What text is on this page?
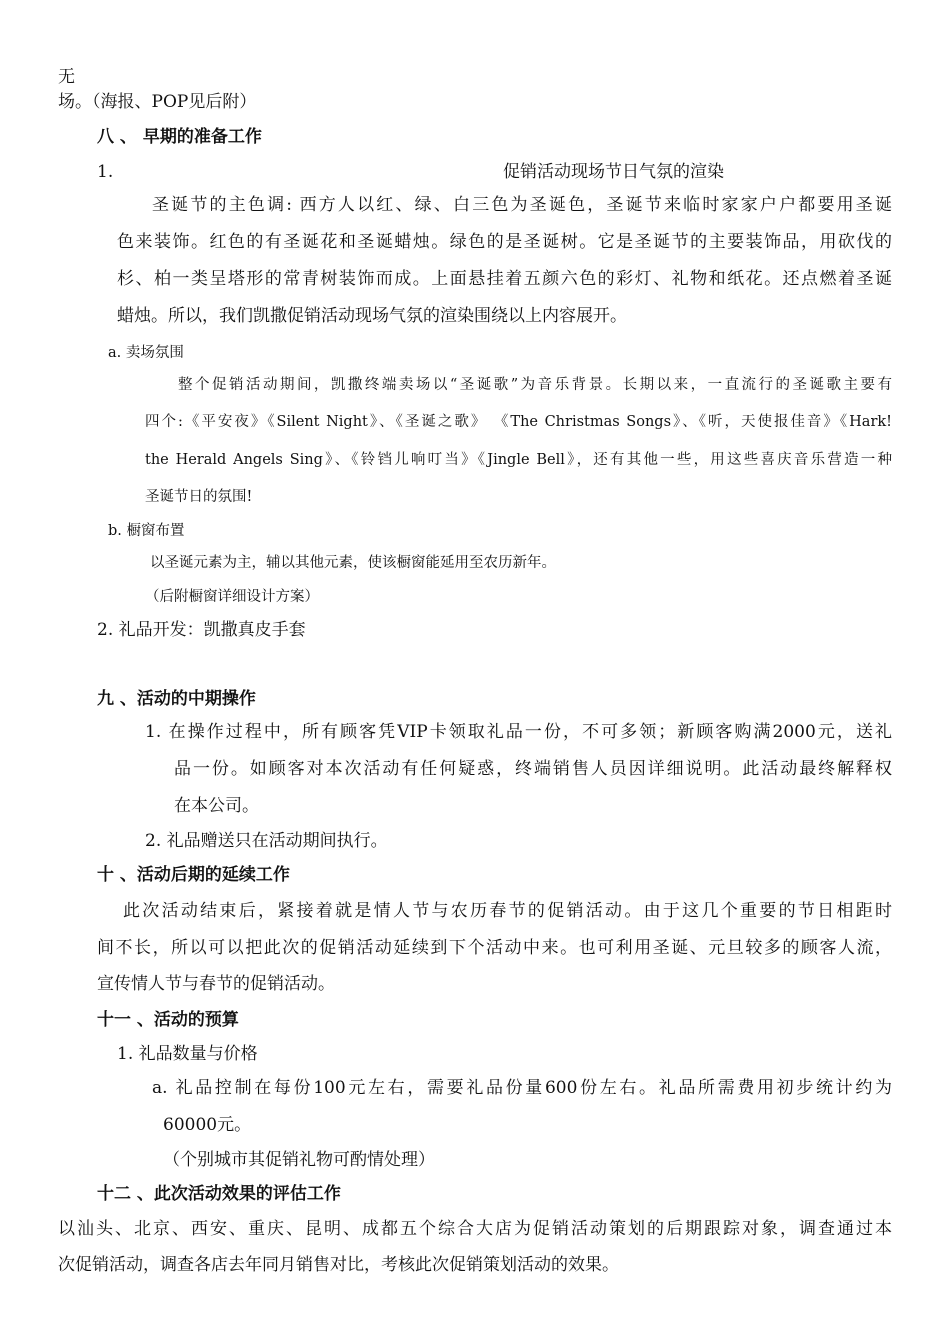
无
场。（海报、POP见后附）
八 、 早期的准备工作
1.	促销活动现场节日气氛的渲染
圣诞节的主色调: 西方人以红、绿、白三色为圣诞色，圣诞节来临时家家户户都要用圣诞
色来装饰。红色的有圣诞花和圣诞蜡烛。绿色的是圣诞树。它是圣诞节的主要装饰品，用砍伐的
杉、柏一类呈塔形的常青树装饰而成。上面悬挂着五颜六色的彩灯、礼物和纸花。还点燃着圣诞
蜡烛。所以，我们凯撒促销活动现场气氛的渲染围绕以上内容展开。
a. 卖场氛围
整个促销活动期间，凯撒终端卖场以“圣诞歌”为音乐背景。长期以来，一直流行的圣诞歌主要有
四个:《平安夜》《Silent Night》、《圣诞之歌》 《The Christmas Songs》、《听，天使报佳音》《Hark!
the Herald Angels Sing》、《铃铛儿响叮当》《Jingle Bell》，还有其他一些，用这些喜庆音乐营造一种
圣诞节日的氛围!
b. 橱窗布置
以圣诞元素为主，辅以其他元素，使该橱窗能延用至农历新年。
（后附橱窗详细设计方案）
2. 礼品开发：凯撒真皮手套
九 、活动的中期操作
1. 在操作过程中，所有顾客凭VIP卡领取礼品一份，不可多领；新顾客购满2000元，送礼
品一份。如顾客对本次活动有任何疑惑，终端销售人员因详细说明。此活动最终解释权
在本公司。
2. 礼品赠送只在活动期间执行。
十 、活动后期的延续工作
此次活动结束后，紧接着就是情人节与农历春节的促销活动。由于这几个重要的节日相距时
间不长，所以可以把此次的促销活动延续到下个活动中来。也可利用圣诞、元旦较多的顾客人流，
宣传情人节与春节的促销活动。
十一 、活动的预算
1. 礼品数量与价格
a. 礼品控制在每份100元左右，需要礼品份量600份左右。礼品所需费用初步统计约为
60000元。
（个别城市其促销礼物可酌情处理）
十二 、此次活动效果的评估工作
以汕头、北京、西安、重庆、昆明、成都五个综合大店为促销活动策划的后期跟踪对象，调查通过本
次促销活动，调查各店去年同月销售对比，考核此次促销策划活动的效果。
